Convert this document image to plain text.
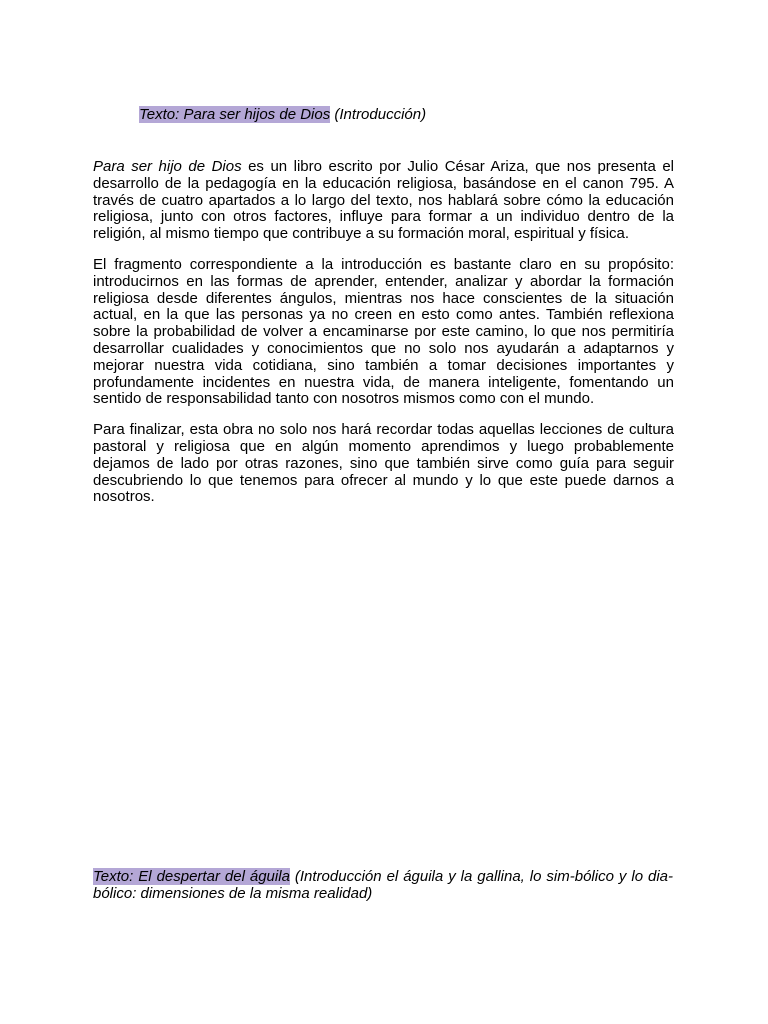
Texto: Para ser hijos de Dios (Introducción)

Para ser hijo de Dios es un libro escrito por Julio César Ariza, que nos presenta el desarrollo de la pedagogía en la educación religiosa, basándose en el canon 795. A través de cuatro apartados a lo largo del texto, nos hablará sobre cómo la educación religiosa, junto con otros factores, influye para formar a un individuo dentro de la religión, al mismo tiempo que contribuye a su formación moral, espiritual y física.

El fragmento correspondiente a la introducción es bastante claro en su propósito: introducirnos en las formas de aprender, entender, analizar y abordar la formación religiosa desde diferentes ángulos, mientras nos hace conscientes de la situación actual, en la que las personas ya no creen en esto como antes. También reflexiona sobre la probabilidad de volver a encaminarse por este camino, lo que nos permitiría desarrollar cualidades y conocimientos que no solo nos ayudarán a adaptarnos y mejorar nuestra vida cotidiana, sino también a tomar decisiones importantes y profundamente incidentes en nuestra vida, de manera inteligente, fomentando un sentido de responsabilidad tanto con nosotros mismos como con el mundo.

Para finalizar, esta obra no solo nos hará recordar todas aquellas lecciones de cultura pastoral y religiosa que en algún momento aprendimos y luego probablemente dejamos de lado por otras razones, sino que también sirve como guía para seguir descubriendo lo que tenemos para ofrecer al mundo y lo que este puede darnos a nosotros.

Texto: El despertar del águila (Introducción el águila y la gallina, lo sim-bólico y lo dia-bólico: dimensiones de la misma realidad)
